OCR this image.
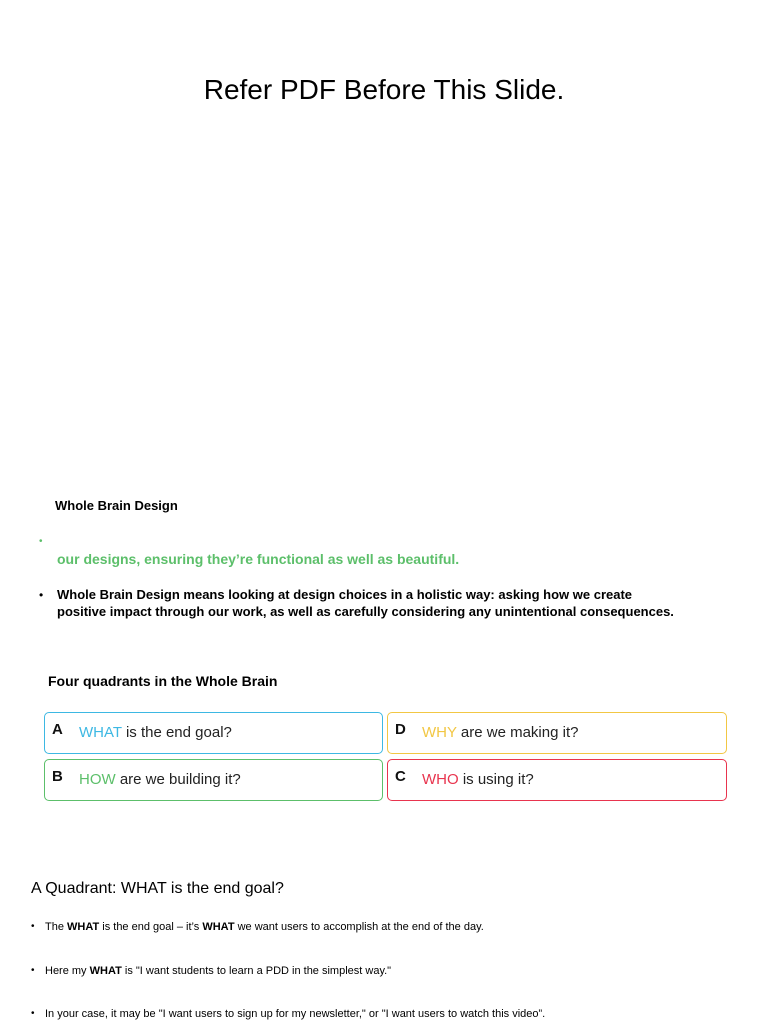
Refer PDF Before This Slide.
Whole Brain Design
•
our designs, ensuring they’re functional as well as beautiful.
• Whole Brain Design means looking at design choices in a holistic way: asking how we create positive impact through our work, as well as carefully considering any unintentional consequences.
Four quadrants in the Whole Brain
A WHAT is the end goal?	D WHY are we making it?
B HOW are we building it?	C WHO is using it?
A Quadrant: WHAT is the end goal?
• The WHAT is the end goal – it’s WHAT we want users to accomplish at the end of the day.
• Here my WHAT is "I want students to learn a PDD in the simplest way."
• In your case, it may be "I want users to sign up for my newsletter," or "I want users to watch this video”.
